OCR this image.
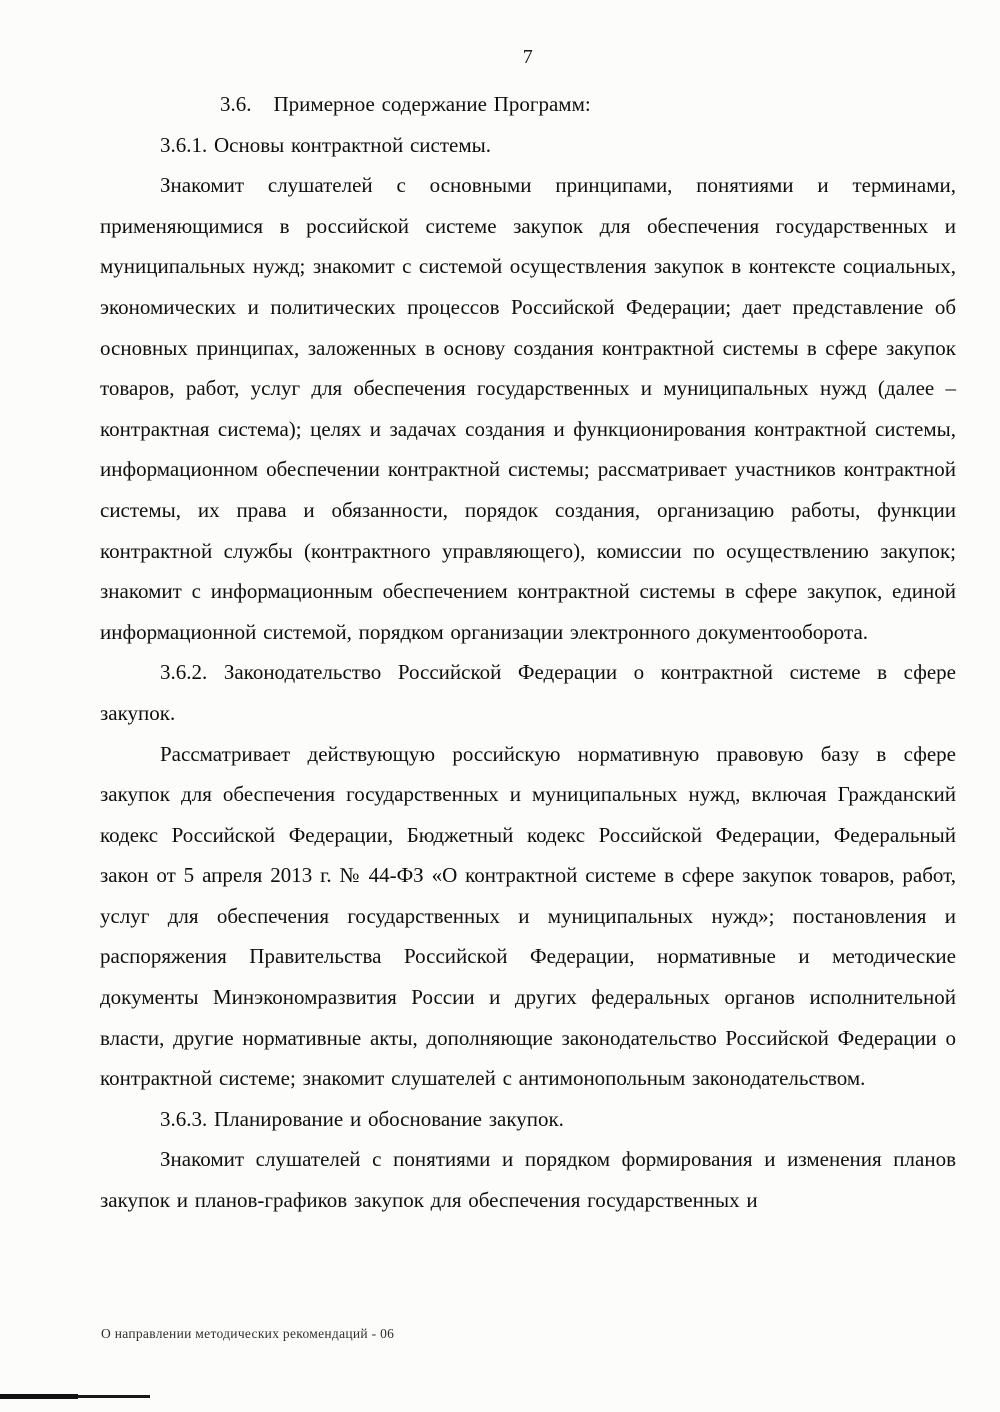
7

3.6. Примерное содержание Программ:

3.6.1. Основы контрактной системы.

Знакомит слушателей с основными принципами, понятиями и терминами, применяющимися в российской системе закупок для обеспечения государственных и муниципальных нужд; знакомит с системой осуществления закупок в контексте социальных, экономических и политических процессов Российской Федерации; дает представление об основных принципах, заложенных в основу создания контрактной системы в сфере закупок товаров, работ, услуг для обеспечения государственных и муниципальных нужд (далее – контрактная система); целях и задачах создания и функционирования контрактной системы, информационном обеспечении контрактной системы; рассматривает участников контрактной системы, их права и обязанности, порядок создания, организацию работы, функции контрактной службы (контрактного управляющего), комиссии по осуществлению закупок; знакомит с информационным обеспечением контрактной системы в сфере закупок, единой информационной системой, порядком организации электронного документооборота.

3.6.2. Законодательство Российской Федерации о контрактной системе в сфере закупок.

Рассматривает действующую российскую нормативную правовую базу в сфере закупок для обеспечения государственных и муниципальных нужд, включая Гражданский кодекс Российской Федерации, Бюджетный кодекс Российской Федерации, Федеральный закон от 5 апреля 2013 г. № 44-ФЗ «О контрактной системе в сфере закупок товаров, работ, услуг для обеспечения государственных и муниципальных нужд»; постановления и распоряжения Правительства Российской Федерации, нормативные и методические документы Минэкономразвития России и других федеральных органов исполнительной власти, другие нормативные акты, дополняющие законодательство Российской Федерации о контрактной системе; знакомит слушателей с антимонопольным законодательством.

3.6.3. Планирование и обоснование закупок.

Знакомит слушателей с понятиями и порядком формирования и изменения планов закупок и планов-графиков закупок для обеспечения государственных и

О направлении методических рекомендаций - 06
